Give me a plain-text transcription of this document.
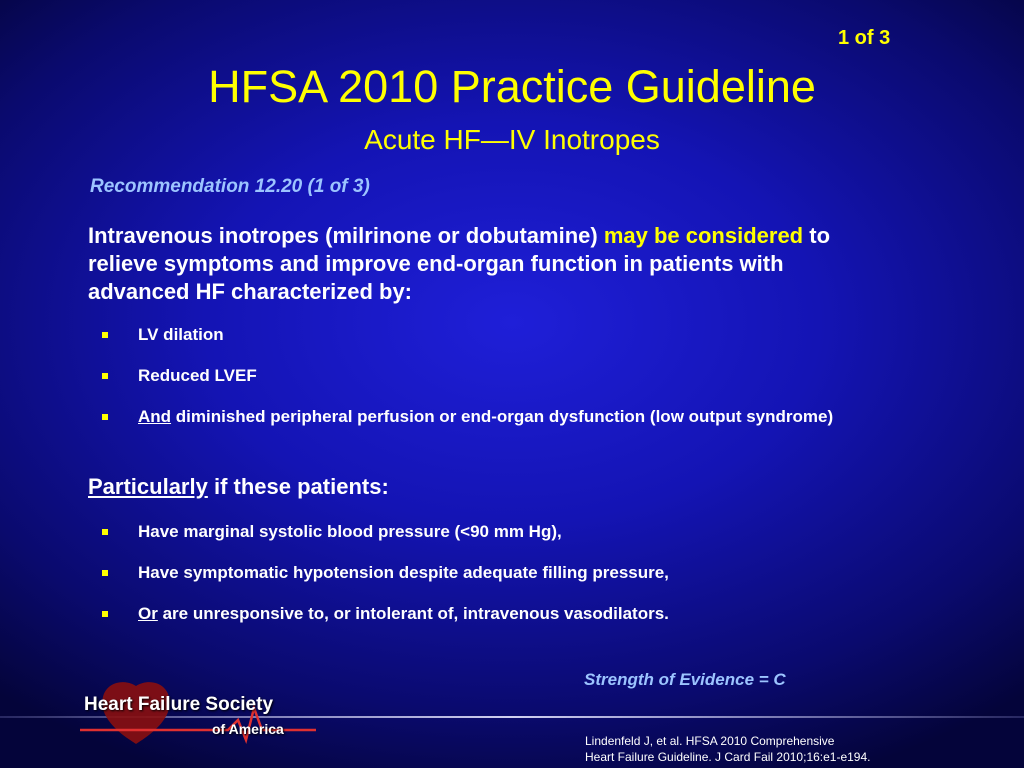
1 of 3
HFSA 2010 Practice Guideline
Acute HF—IV Inotropes
Recommendation 12.20 (1 of 3)
Intravenous inotropes (milrinone or dobutamine) may be considered to relieve symptoms and improve end-organ function in patients with advanced HF characterized by:
LV dilation
Reduced LVEF
And diminished peripheral perfusion or end-organ dysfunction (low output syndrome)
Particularly if these patients:
Have marginal systolic blood pressure (<90 mm Hg),
Have symptomatic hypotension despite adequate filling pressure,
Or are unresponsive to, or intolerant of, intravenous vasodilators.
Strength of Evidence = C
Heart Failure Society
of America
Lindenfeld J, et al. HFSA 2010 Comprehensive
Heart Failure Guideline. J Card Fail 2010;16:e1-e194.
